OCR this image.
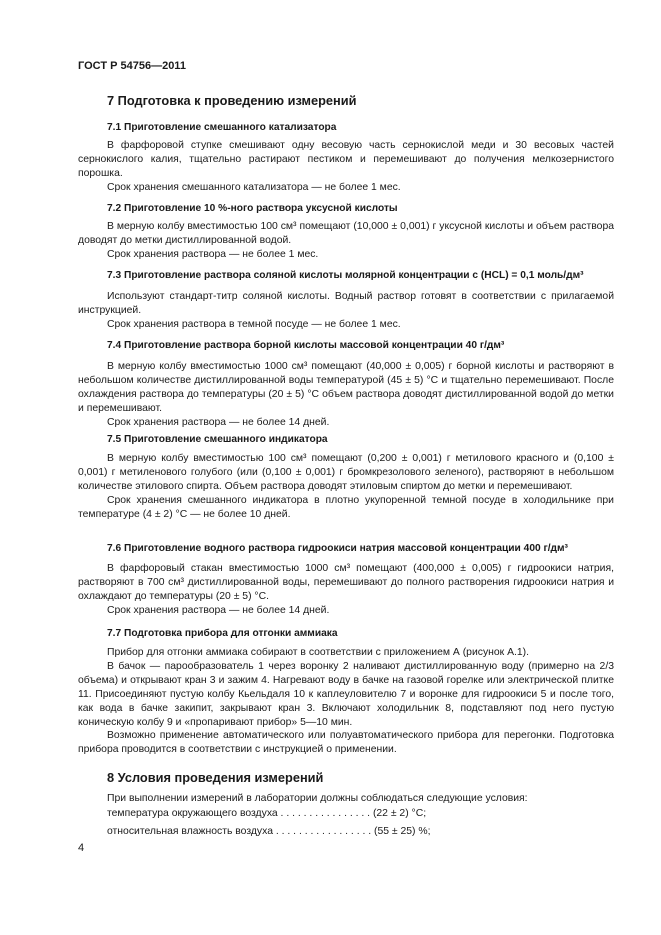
ГОСТ Р 54756—2011
7 Подготовка к проведению измерений
7.1 Приготовление смешанного катализатора

В фарфоровой ступке смешивают одну весовую часть сернокислой меди и 30 весовых частей сернокислого калия, тщательно растирают пестиком и перемешивают до получения мелкозернистого порошка.

Срок хранения смешанного катализатора — не более 1 мес.

7.2 Приготовление 10 %-ного раствора уксусной кислоты

В мерную колбу вместимостью 100 см³ помещают (10,000 ± 0,001) г уксусной кислоты и объем раствора доводят до метки дистиллированной водой.

Срок хранения раствора — не более 1 мес.

7.3 Приготовление раствора соляной кислоты молярной концентрации c (HCL) = 0,1 моль/дм³

Используют стандарт-титр соляной кислоты. Водный раствор готовят в соответствии с прилагаемой инструкцией.

Срок хранения раствора в темной посуде — не более 1 мес.

7.4 Приготовление раствора борной кислоты массовой концентрации 40 г/дм³

В мерную колбу вместимостью 1000 см³ помещают (40,000 ± 0,005) г борной кислоты и растворяют в небольшом количестве дистиллированной воды температурой (45 ± 5) °С и тщательно перемешивают. После охлаждения раствора до температуры (20 ± 5) °С объем раствора доводят дистиллированной водой до метки и перемешивают.

Срок хранения раствора — не более 14 дней.

7.5 Приготовление смешанного индикатора

В мерную колбу вместимостью 100 см³ помещают (0,200 ± 0,001) г метилового красного и (0,100 ± 0,001) г метиленового голубого (или (0,100 ± 0,001) г бромкрезолового зеленого), растворяют в небольшом количестве этилового спирта. Объем раствора доводят этиловым спиртом до метки и перемешивают.

Срок хранения смешанного индикатора в плотно укупоренной темной посуде в холодильнике при температуре (4 ± 2) °С — не более 10 дней.

7.6 Приготовление водного раствора гидроокиси натрия массовой концентрации 400 г/дм³

В фарфоровый стакан вместимостью 1000 см³ помещают (400,000 ± 0,005) г гидроокиси натрия, растворяют в 700 см³ дистиллированной воды, перемешивают до полного растворения гидроокиси натрия и охлаждают до температуры (20 ± 5) °С.

Срок хранения раствора — не более 14 дней.

7.7 Подготовка прибора для отгонки аммиака

Прибор для отгонки аммиака собирают в соответствии с приложением А (рисунок А.1).

В бачок — парообразователь 1 через воронку 2 наливают дистиллированную воду (примерно на 2/3 объема) и открывают кран 3 и зажим 4. Нагревают воду в бачке на газовой горелке или электрической плитке 11. Присоединяют пустую колбу Кьельдаля 10 к каплеуловителю 7 и воронке для гидроокиси 5 и после того, как вода в бачке закипит, закрывают кран 3. Включают холодильник 8, подставляют под него пустую коническую колбу 9 и «пропаривают прибор» 5—10 мин.

Возможно применение автоматического или полуавтоматического прибора для перегонки. Подготовка прибора проводится в соответствии с инструкцией о применении.

8 Условия проведения измерений
При выполнении измерений в лаборатории должны соблюдаться следующие условия:
температура окружающего воздуха . . . . . . . . . . . . . . . . (22 ± 2) °С;
относительная влажность воздуха . . . . . . . . . . . . . . . . . (55 ± 25) %;
4
